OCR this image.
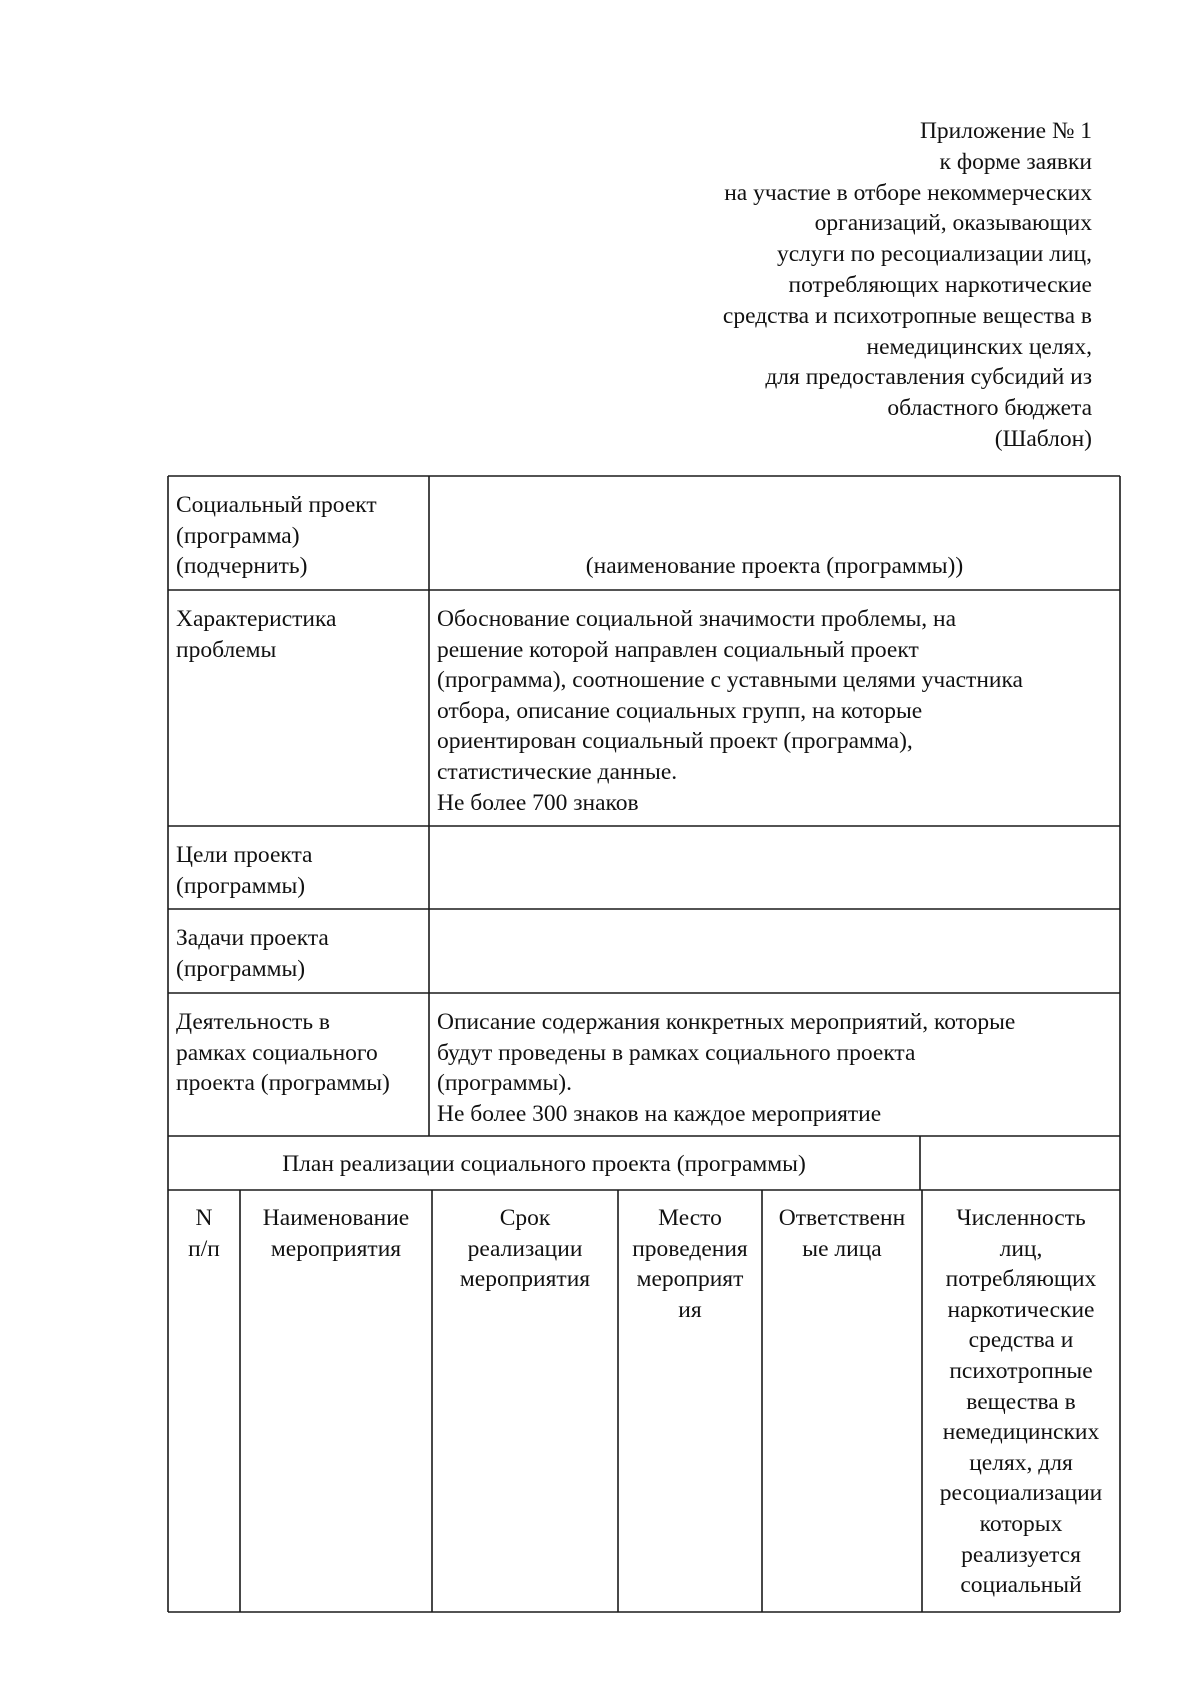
Приложение № 1
к форме заявки
на участие в отборе некоммерческих
организаций, оказывающих
услуги по ресоциализации лиц,
потребляющих наркотические
средства и психотропные вещества в
немедицинских целях,
для предоставления субсидий из
областного бюджета
(Шаблон)
Социальный проект
(программа)
(подчернить)	(наименование проекта (программы))
Характеристика
проблемы
Обоснование социальной значимости проблемы, на
решение которой направлен социальный проект
(программа), соотношение с уставными целями участника
отбора, описание социальных групп, на которые
ориентирован социальный проект (программа),
статистические данные.
Не более 700 знаков
Цели проекта
(программы)
Задачи проекта
(программы)
Деятельность в
рамках социального
проекта (программы)
Описание содержания конкретных мероприятий, которые
будут проведены в рамках социального проекта
(программы).
Не более 300 знаков на каждое мероприятие
План реализации социального проекта (программы)
N
п/п
Наименование
мероприятия
Срок
реализации
мероприятия
Место
проведения
мероприят
ия
Ответственн
ые лица
Численность
лиц,
потребляющих
наркотические
средства и
психотропные
вещества в
немедицинских
целях, для
ресоциализации
которых
реализуется
социальный
